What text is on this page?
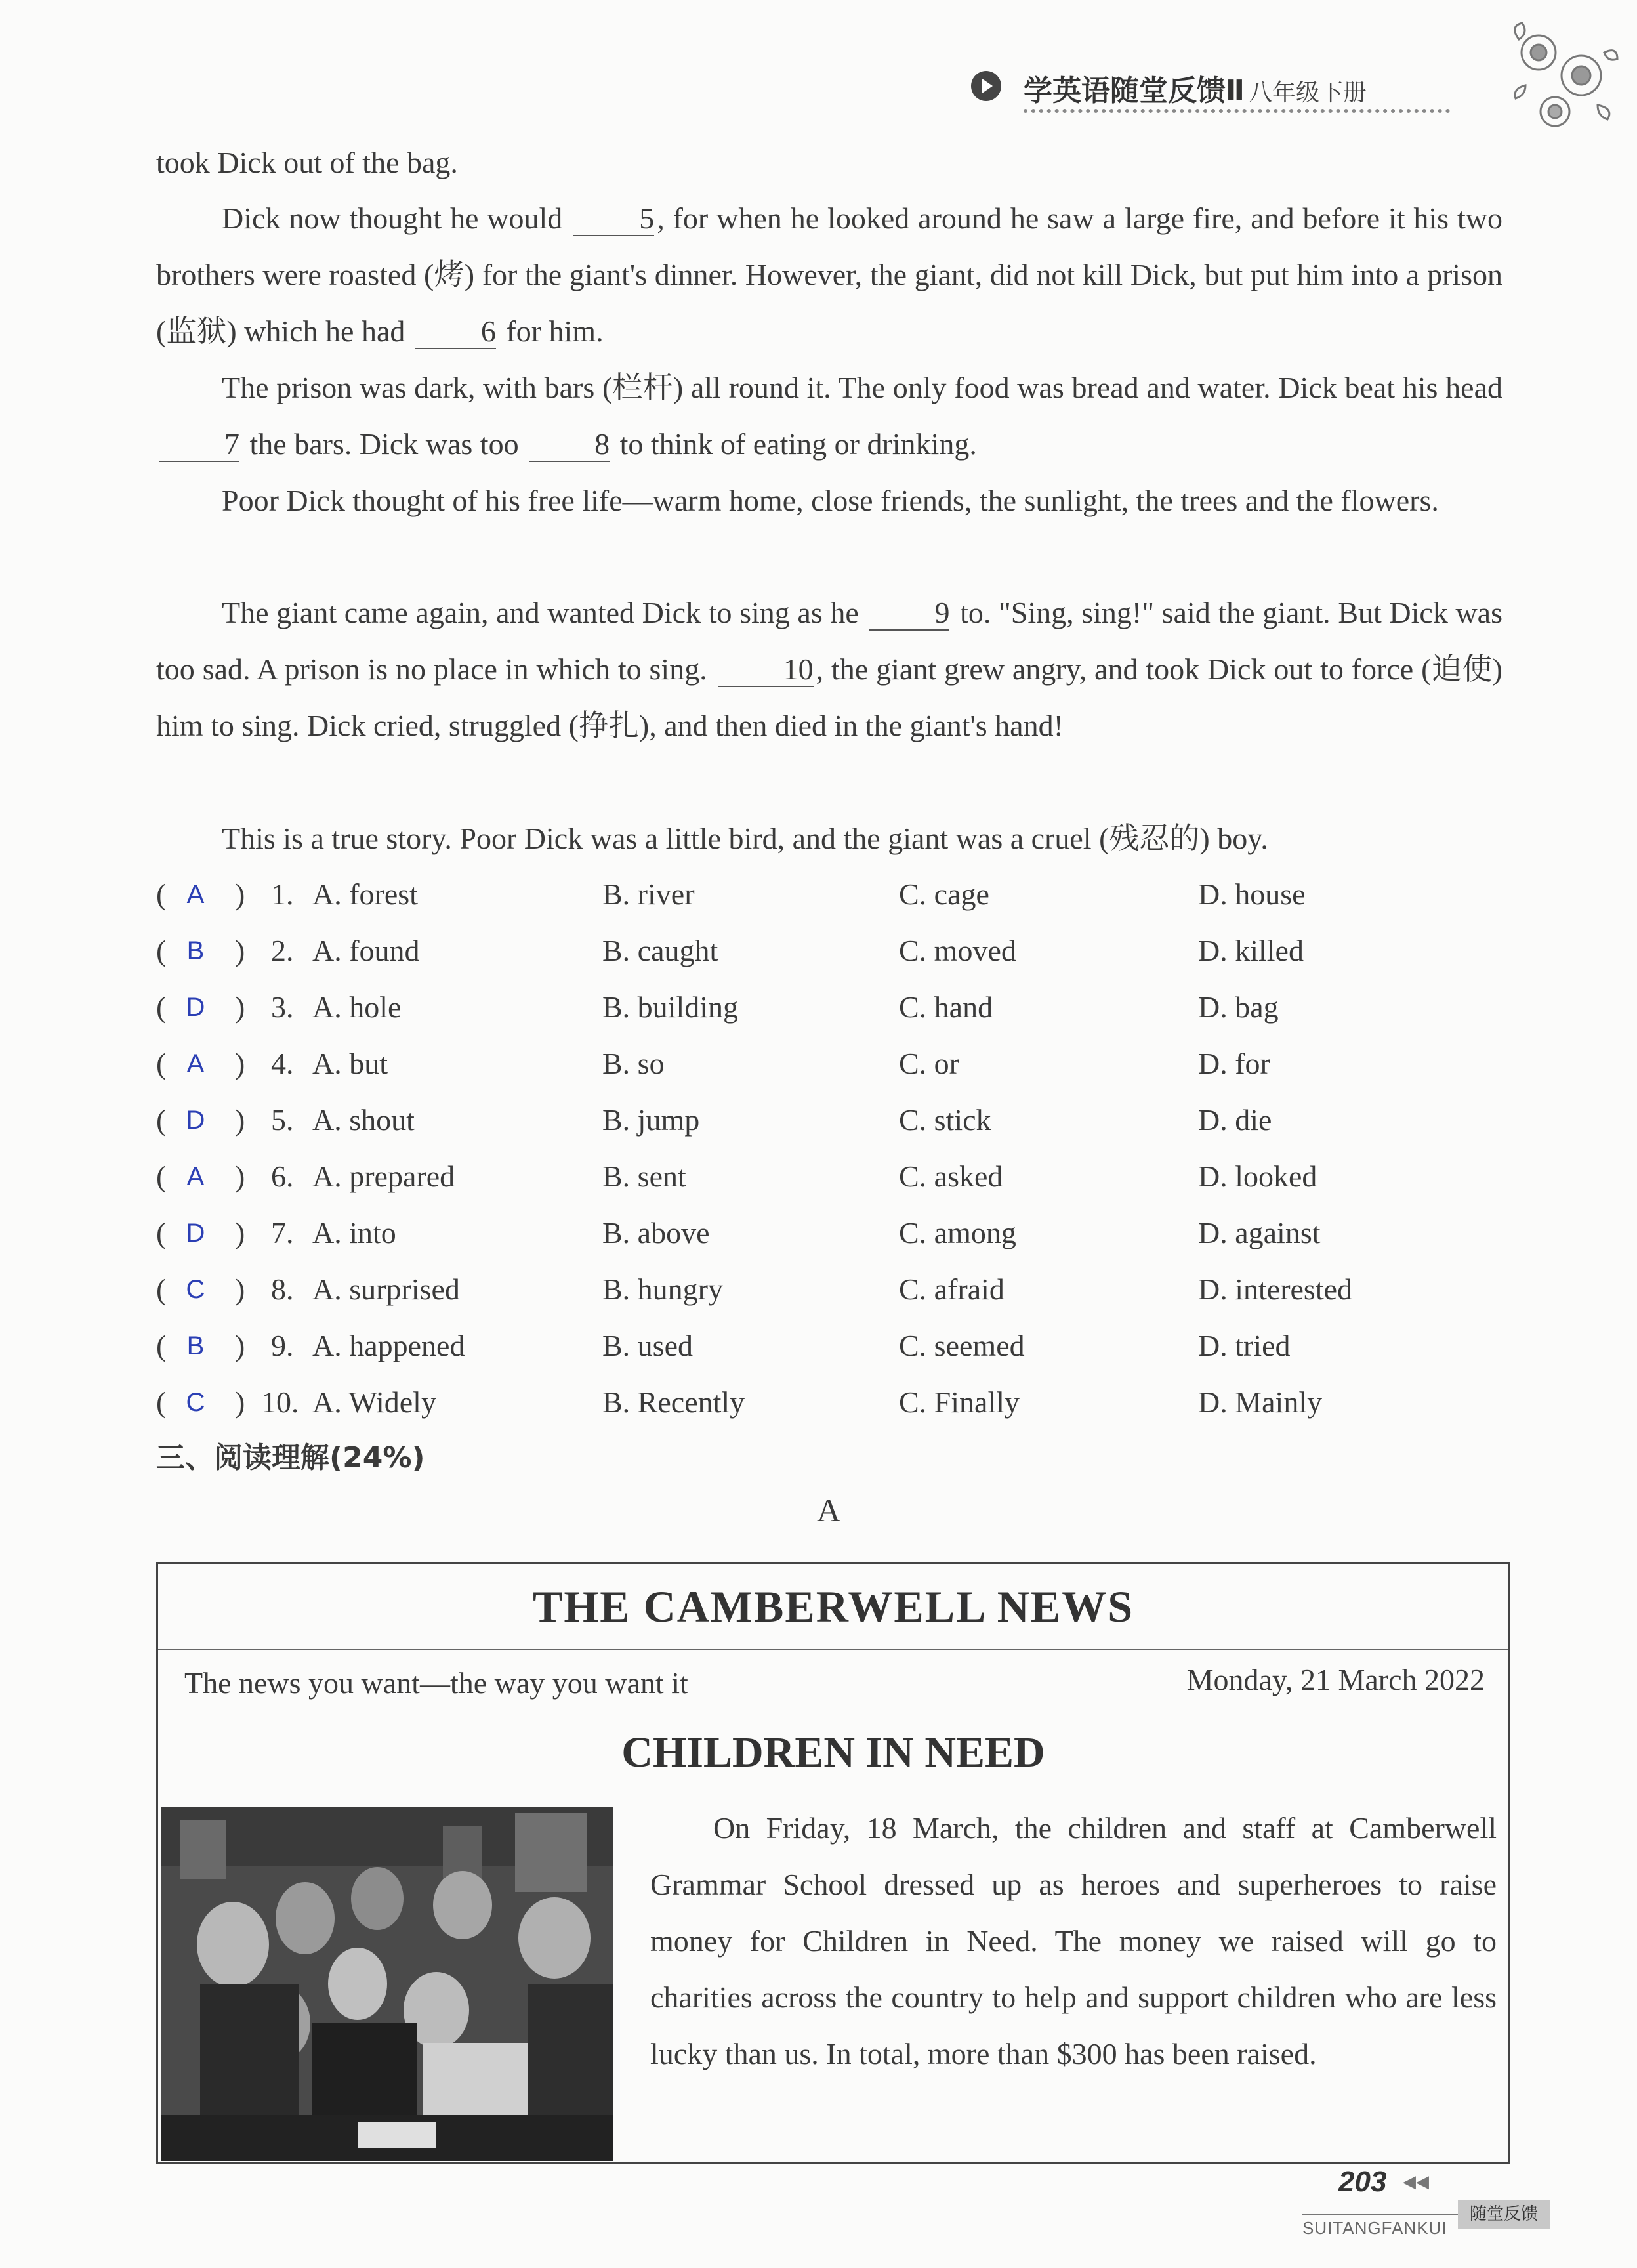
学英语随堂反馈Ⅱ 八年级下册

took Dick out of the bag.

Dick now thought he would 5, for when he looked around he saw a large fire, and before it his two brothers were roasted (烤) for the giant's dinner. However, the giant, did not kill Dick, but put him into a prison (监狱) which he had 6 for him.

The prison was dark, with bars (栏杆) all round it. The only food was bread and water. Dick beat his head 7 the bars. Dick was too 8 to think of eating or drinking.

Poor Dick thought of his free life—warm home, close friends, the sunlight, the trees and the flowers.

The giant came again, and wanted Dick to sing as he 9 to. "Sing, sing!" said the giant. But Dick was too sad. A prison is no place in which to sing. 10, the giant grew angry, and took Dick out to force (迫使) him to sing. Dick cried, struggled (挣扎), and then died in the giant's hand!

This is a true story. Poor Dick was a little bird, and the giant was a cruel (残忍的) boy.

( A	) 1. A. forest	B. river	C. cage	D. house
( B	) 2. A. found	B. caught	C. moved	D. killed
( D ) 3. A. hole	B. building	C. hand	D. bag
( A	) 4. A. but	B. so	C. or	D. for
( D ) 5. A. shout	B. jump	C. stick	D. die
( A	) 6. A. prepared	B. sent	C. asked	D. looked
( D ) 7. A. into	B. above	C. among	D. against
( C ) 8. A. surprised	B. hungry	C. afraid	D. interested
( B	) 9. A. happened	B. used	C. seemed	D. tried
( C ) 10. A. Widely	B. Recently	C. Finally	D. Mainly
三、阅读理解(24%)
A
THE CAMBERWELL NEWS
The news you want—the way you want it	Monday, 21 March 2022
CHILDREN IN NEED

On Friday, 18 March, the children and staff at Camberwell Grammar School dressed up as heroes and superheroes to raise money for Children in Need. The money we raised will go to charities across the country to help and support children who are less lucky than us. In total, more than $300 has been raised.

203 ◀◀
SUITANGFANKUI
随堂反馈
